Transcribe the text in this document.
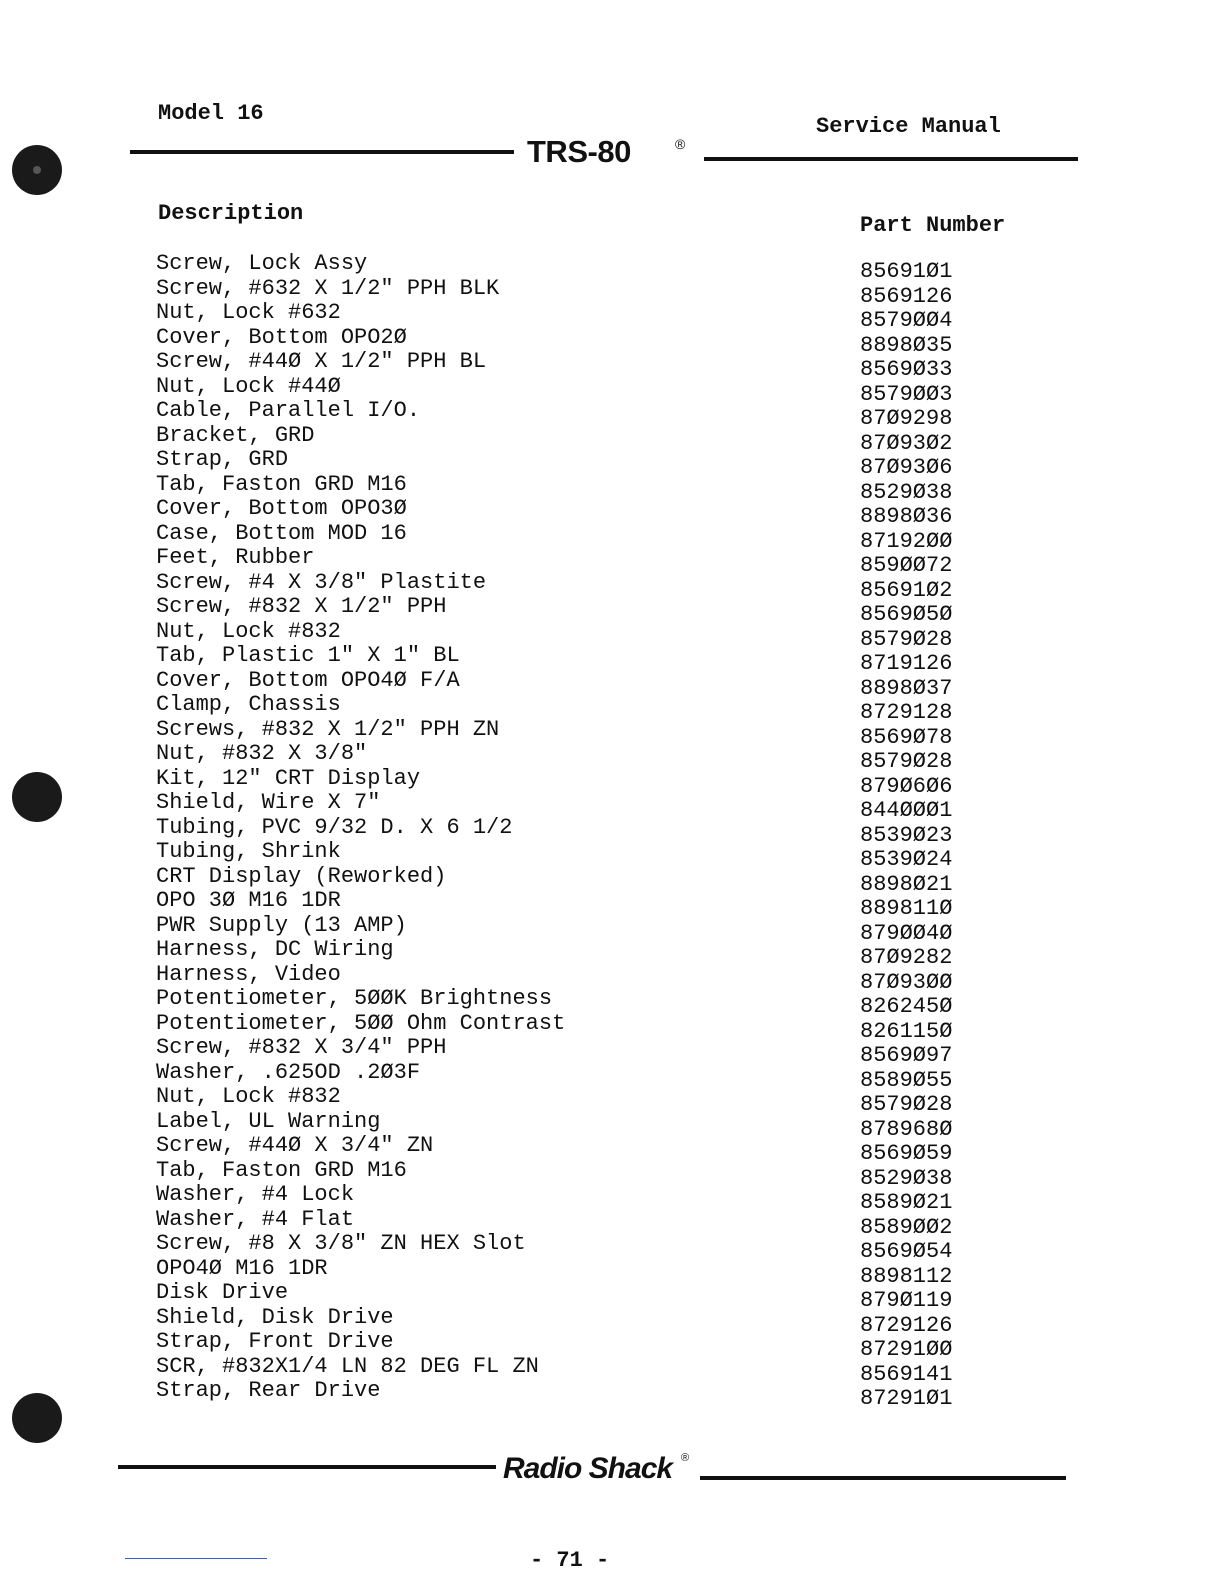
Model 16
Service Manual
TRS-80	®
Description	Part Number
Screw, Lock Assy
Screw, #632 X 1/2" PPH BLK
Nut, Lock #632
Cover, Bottom OPO2Ø
Screw, #44Ø X 1/2" PPH BL
Nut, Lock #44Ø
Cable, Parallel I/O.
Bracket, GRD
Strap, GRD
Tab, Faston GRD M16
Cover, Bottom OPO3Ø
Case, Bottom MOD 16
Feet, Rubber
Screw, #4 X 3/8" Plastite
Screw, #832 X 1/2" PPH
Nut, Lock #832
Tab, Plastic 1" X 1" BL
Cover, Bottom OPO4Ø F/A
Clamp, Chassis
Screws, #832 X 1/2" PPH ZN
Nut, #832 X 3/8"
Kit, 12" CRT Display
Shield, Wire X 7"
Tubing, PVC 9/32 D. X 6 1/2
Tubing, Shrink
CRT Display (Reworked)
OPO 3Ø M16 1DR
PWR Supply (13 AMP)
Harness, DC Wiring
Harness, Video
Potentiometer, 5ØØK Brightness
Potentiometer, 5ØØ Ohm Contrast
Screw, #832 X 3/4" PPH
Washer, .625OD .2Ø3F
Nut, Lock #832
Label, UL Warning
Screw, #44Ø X 3/4" ZN
Tab, Faston GRD M16
Washer, #4 Lock
Washer, #4 Flat
Screw, #8 X 3/8" ZN HEX Slot
OPO4Ø M16 1DR
Disk Drive
Shield, Disk Drive
Strap, Front Drive
SCR, #832X1/4 LN 82 DEG FL ZN
Strap, Rear Drive
85691Ø1
8569126
8579ØØ4
8898Ø35
8569Ø33
8579ØØ3
87Ø9298
87Ø93Ø2
87Ø93Ø6
8529Ø38
8898Ø36
87192ØØ
859ØØ72
85691Ø2
8569Ø5Ø
8579Ø28
8719126
8898Ø37
8729128
8569Ø78
8579Ø28
879Ø6Ø6
844ØØØ1
8539Ø23
8539Ø24
8898Ø21
889811Ø
879ØØ4Ø
87Ø9282
87Ø93ØØ
826245Ø
826115Ø
8569Ø97
8589Ø55
8579Ø28
878968Ø
8569Ø59
8529Ø38
8589Ø21
8589ØØ2
8569Ø54
8898112
879Ø119
8729126
87291ØØ
8569141
87291Ø1
Radio Shack ®
- 71 -
